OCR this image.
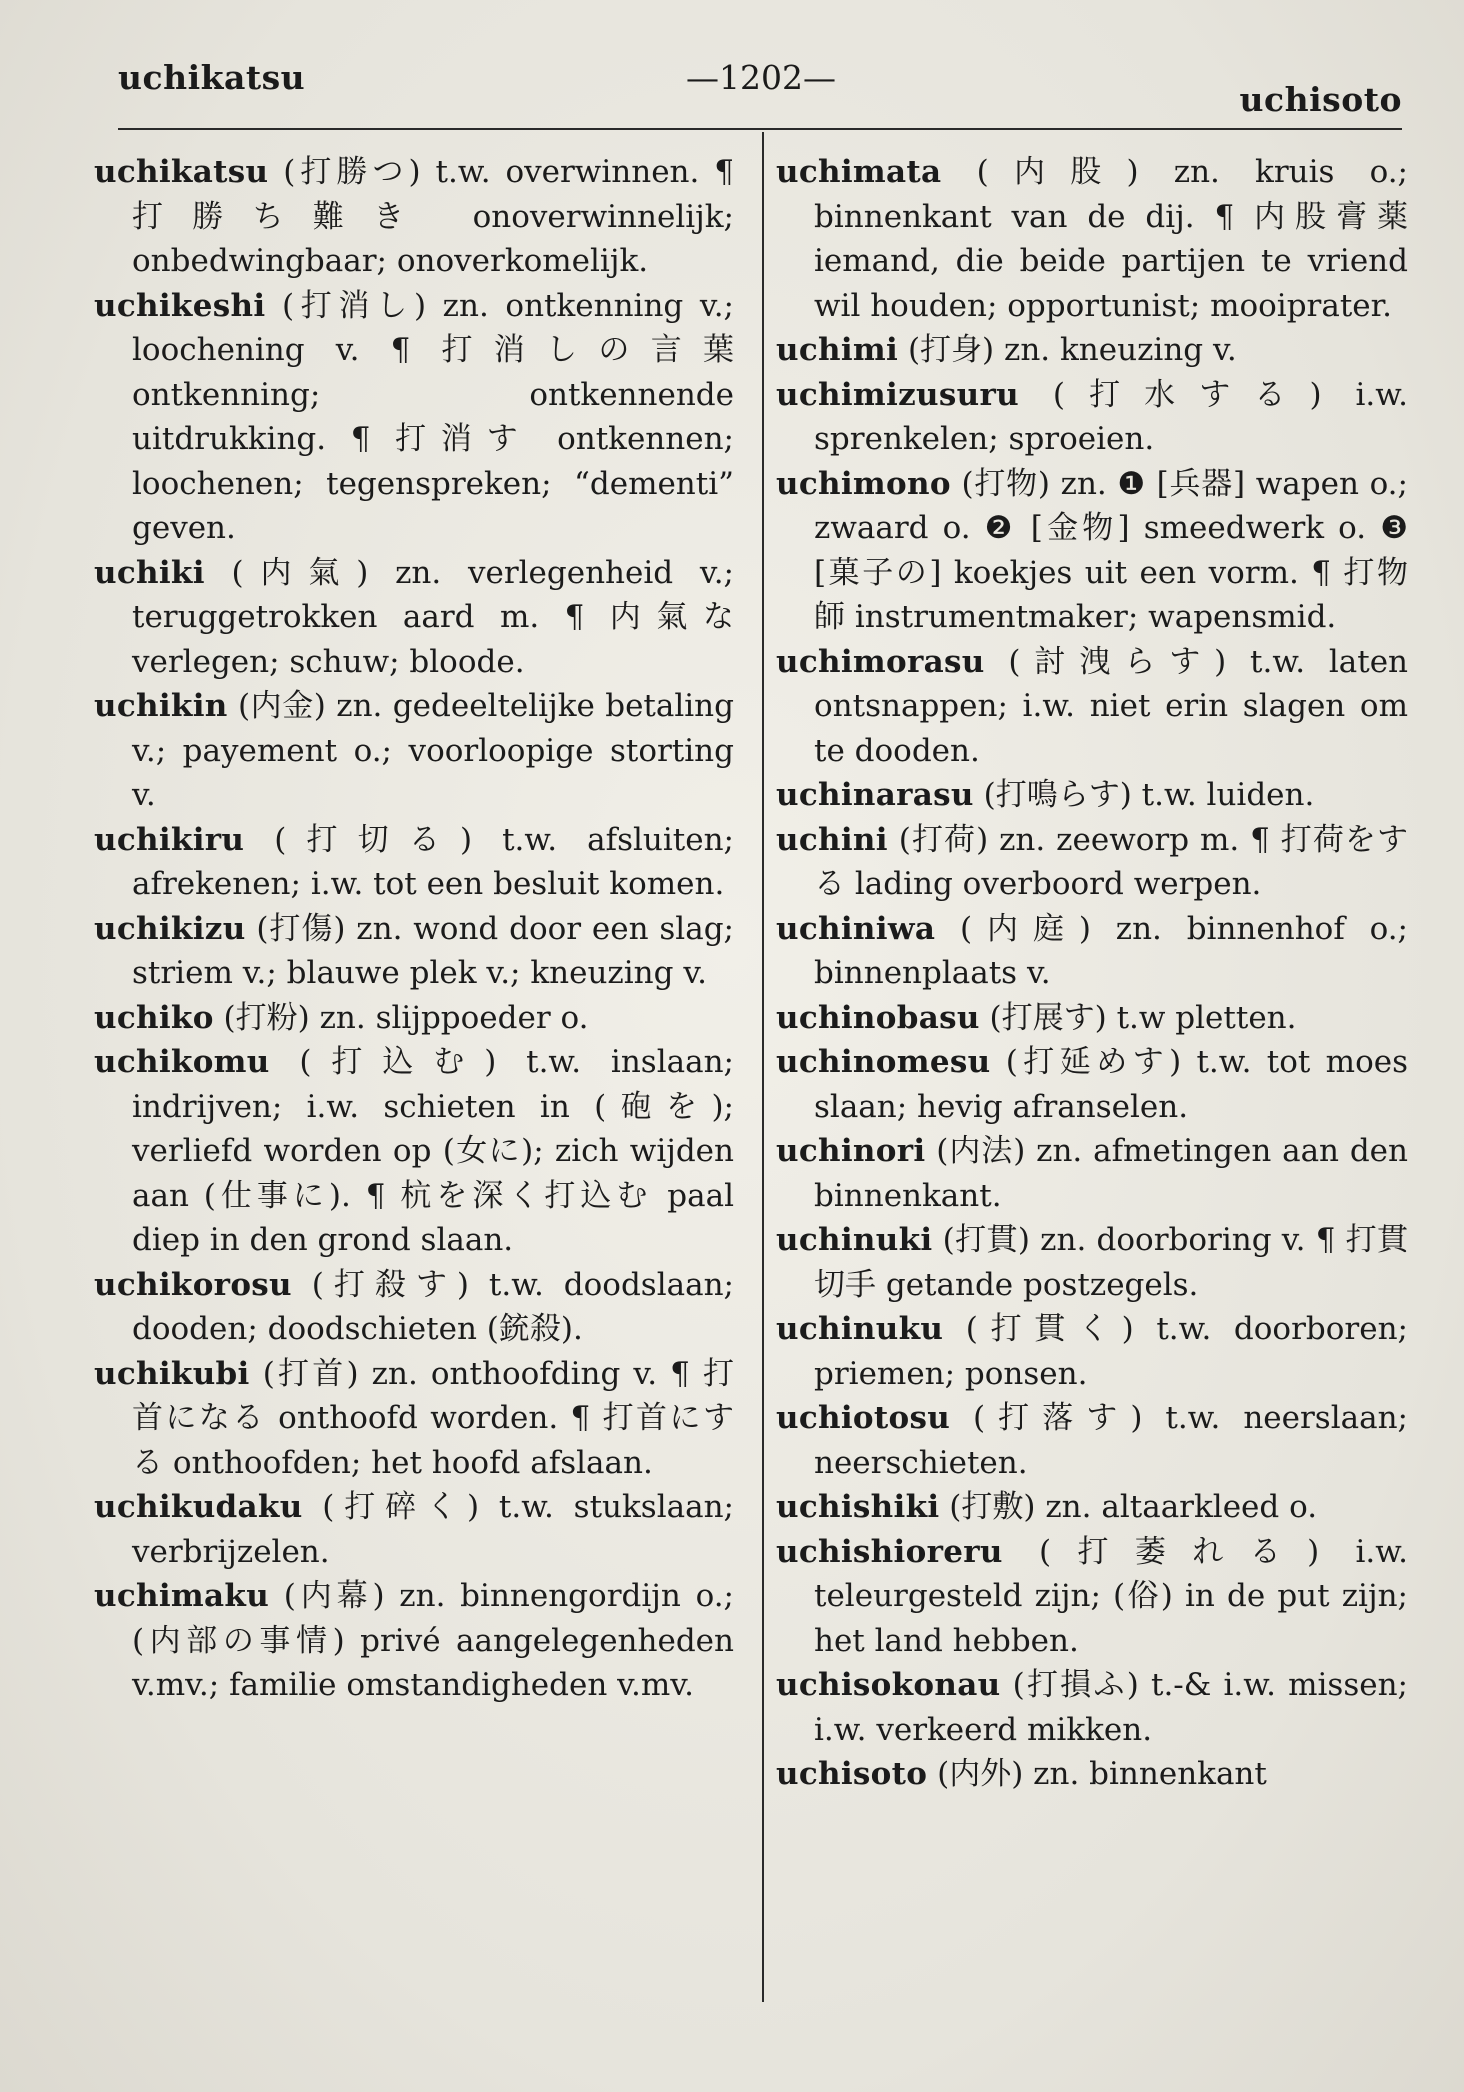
uchikatsu	—1202—
uchisoto
uchikatsu (打勝つ) t.w. overwinnen. ¶ 打勝ち難き onoverwinnelijk; onbedwingbaar; onoverkomelijk.
uchikeshi (打消し) zn. ontkenning v.; loochening v. ¶ 打消しの言葉 ontkenning; ontkennende uitdrukking. ¶ 打消す ontkennen; loochenen; tegenspreken; “dementi” geven.
uchiki (内氣) zn. verlegenheid v.; teruggetrokken aard m. ¶ 内氣な verlegen; schuw; bloode.
uchikin (内金) zn. gedeeltelijke betaling v.; payement o.; voorloopige storting v.
uchikiru (打切る) t.w. afsluiten; afrekenen; i.w. tot een besluit komen.
uchikizu (打傷) zn. wond door een slag; striem v.; blauwe plek v.; kneuzing v.
uchiko (打粉) zn. slijppoeder o.
uchikomu (打込む) t.w. inslaan; indrijven; i.w. schieten in (砲を); verliefd worden op (女に); zich wijden aan (仕事に). ¶ 杭を深く打込む paal diep in den grond slaan.
uchikorosu (打殺す) t.w. doodslaan; dooden; doodschieten (銃殺).
uchikubi (打首) zn. onthoofding v. ¶ 打首になる onthoofd worden. ¶ 打首にする onthoofden; het hoofd afslaan.
uchikudaku (打碎く) t.w. stukslaan; verbrijzelen.
uchimaku (内幕) zn. binnengordijn o.; (内部の事情) privé aangelegenheden v.mv.; familie omstandigheden v.mv.
uchimata (内股) zn. kruis o.; binnenkant van de dij. ¶ 内股膏薬 iemand, die beide partijen te vriend wil houden; opportunist; mooiprater.
uchimi (打身) zn. kneuzing v.
uchimizusuru (打水する) i.w. sprenkelen; sproeien.
uchimono (打物) zn. ❶ [兵器] wapen o.; zwaard o. ❷ [金物] smeedwerk o. ❸ [菓子の] koekjes uit een vorm. ¶ 打物師 instrumentmaker; wapensmid.
uchimorasu (討洩らす) t.w. laten ontsnappen; i.w. niet erin slagen om te dooden.
uchinarasu (打鳴らす) t.w. luiden.
uchini (打荷) zn. zeeworp m. ¶ 打荷をする lading overboord werpen.
uchiniwa (内庭) zn. binnenhof o.; binnenplaats v.
uchinobasu (打展す) t.w pletten.
uchinomesu (打延めす) t.w. tot moes slaan; hevig afranselen.
uchinori (内法) zn. afmetingen aan den binnenkant.
uchinuki (打貫) zn. doorboring v. ¶ 打貫切手 getande postzegels.
uchinuku (打貫く) t.w. doorboren; priemen; ponsen.
uchiotosu (打落す) t.w. neerslaan; neerschieten.
uchishiki (打敷) zn. altaarkleed o.
uchishioreru (打萎れる) i.w. teleurgesteld zijn; (俗) in de put zijn; het land hebben.
uchisokonau (打損ふ) t.-& i.w. missen; i.w. verkeerd mikken.
uchisoto (内外) zn. binnenkant
